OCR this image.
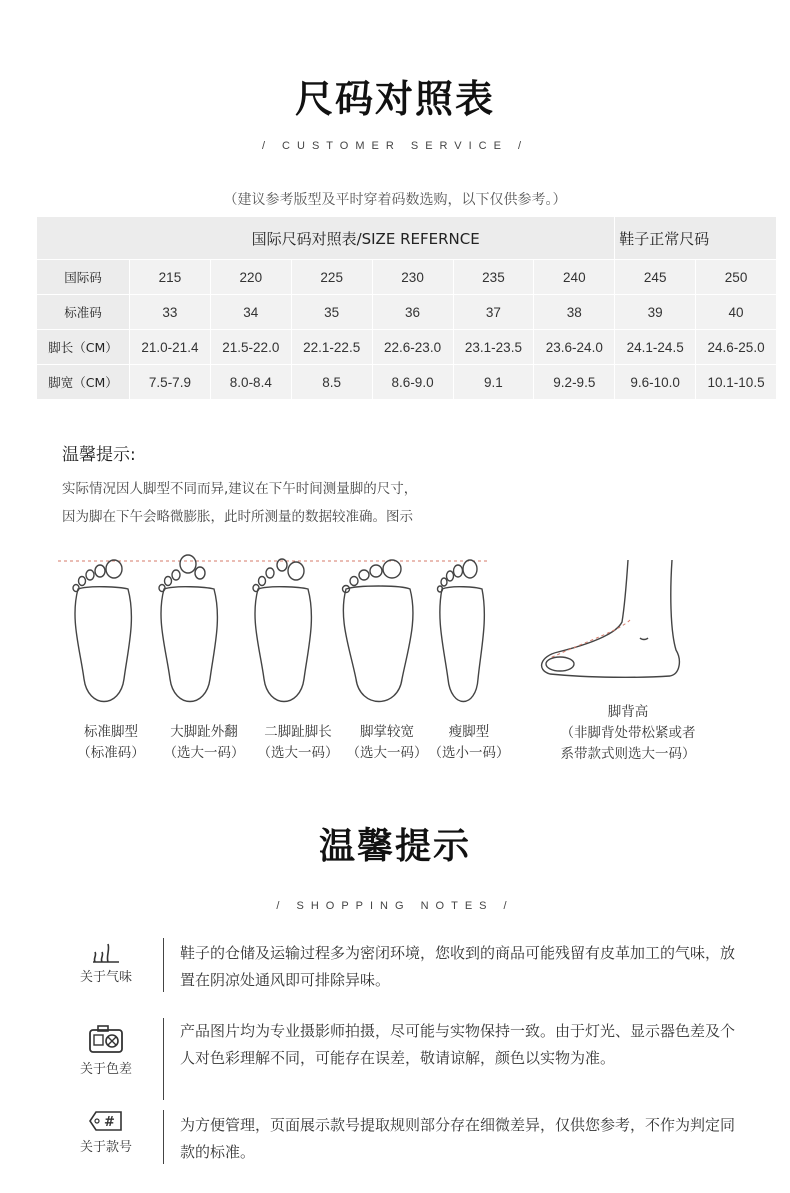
尺码对照表
/ CUSTOMER SERVICE /
（建议参考版型及平时穿着码数选购，以下仅供参考。）
国际尺码对照表/SIZE REFERNCE							鞋子正常尺码	
国际码	215	220	225	230	235	240	245	250
标准码	33	34	35	36	37	38	39	40
脚长（CM）	21.0-21.4	21.5-22.0	22.1-22.5	22.6-23.0	23.1-23.5	23.6-24.0	24.1-24.5	24.6-25.0
脚宽（CM）	7.5-7.9	8.0-8.4	8.5	8.6-9.0	9.1	9.2-9.5	9.6-10.0	10.1-10.5
温馨提示:
实际情况因人脚型不同而异,建议在下午时间测量脚的尺寸，
因为脚在下午会略微膨胀，此时所测量的数据较准确。图示
标准脚型
（标准码）
大脚趾外翻
（选大一码）
二脚趾脚长
（选大一码）
脚掌较宽
（选大一码）
瘦脚型
（选小一码）
脚背高
（非脚背处带松紧或者
系带款式则选大一码）
温馨提示
/ SHOPPING NOTES /
关于气味
鞋子的仓储及运输过程多为密闭环境，您收到的商品可能残留有皮革加工的气味，放置在阴凉处通风即可排除异味。
关于色差
产品图片均为专业摄影师拍摄，尽可能与实物保持一致。由于灯光、显示器色差及个人对色彩理解不同，可能存在误差，敬请谅解，颜色以实物为准。
#
关于款号
为方便管理，页面展示款号提取规则部分存在细微差异，仅供您参考，不作为判定同款的标准。
